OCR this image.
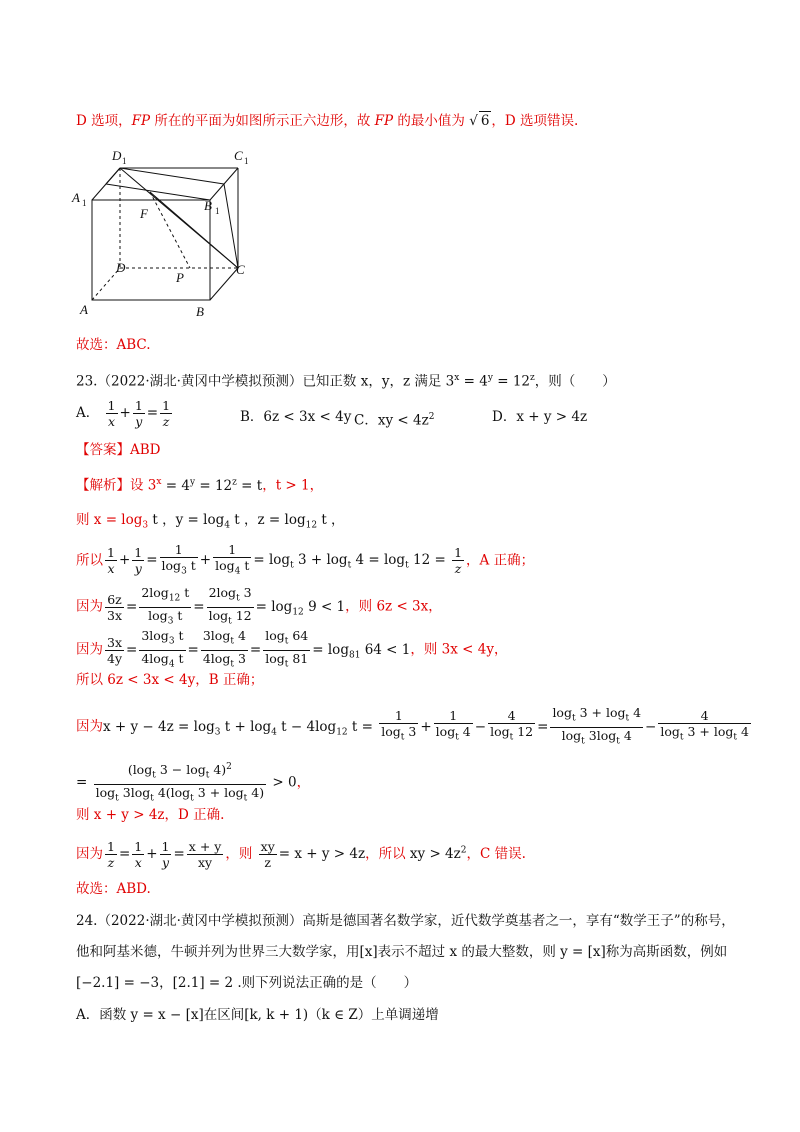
D 选项，FP 所在的平面为如图所示正六边形，故 FP 的最小值为 √ 6 ，D 选项错误.
D 1	C 1
A 1	B 1
F
D
P
C
A	B
故选：ABC.
23.（2022·湖北·黄冈中学模拟预测）已知正数 x，y，z 满足 $3^x = 4^y = 12^z$，则（　　）
A． $\frac{1}{x} + \frac{1}{y} = \frac{1}{z}$	B．6z < 3x < 4y C．xy < $4z^2$	D．x + y > 4z
【答案】ABD
【解析】设 $3^x = 4^y = 12^z = t$，t > 1，
则 $x = \log_3 t$ ，$y = \log_4 t$ ，$z = \log_{12} t$ ，
所以 $\frac{1}{x} + \frac{1}{y} = \frac{1}{\log_3 t} + \frac{1}{\log_4 t} = \log_t 3 + \log_t 4 = \log_t 12 = \frac{1}{z}$ ，A 正确；
因为 $\frac{6z}{3x} = \frac{2\log_{12} t}{\log_3 t} = \frac{2\log_t 3}{\log_t 12} = \log_{12} 9 < 1$，则 6z < 3x，
因为 $\frac{3x}{4y} = \frac{3\log_3 t}{4\log_4 t} = \frac{3\log_t 4}{4\log_t 3} = \frac{\log_t 64}{\log_t 81} = \log_{81} 64 < 1$，则 3x < 4y，
所以 6z < 3x < 4y，B 正确；
因为$x + y - 4z = \log_3 t + \log_4 t - 4\log_{12}$ $t = \frac{1}{\log_t 3} + \frac{1}{\log_t 4} - \frac{4}{\log_t 12} = \frac{\log_t 3 + \log_t 4}{\log_t 3\log_t 4} - \frac{4}{\log_t 3 + \log_t 4}$
= $\frac{(\log_t 3 - \log_t 4)^2}{\log_t 3\log_t 4(\log_t 3 + \log_t 4)} > 0$，
则 x + y > 4z，D 正确.
因为 $\frac{1}{z} = \frac{1}{x} + \frac{1}{y} = \frac{x + y}{xy}$ ，则 $\frac{xy}{z} = x + y > 4z$，所以 xy > $4z^2$，C 错误.
故选：ABD.
24.（2022·湖北·黄冈中学模拟预测）高斯是德国著名数学家，近代数学奠基者之一，享有“数学王子”的称号，
他和阿基米德，牛顿并列为世界三大数学家，用[x]表示不超过 x 的最大整数，则 y = [x]称为高斯函数，例如
[−2.1] = −3，[2.1] = 2 .则下列说法正确的是（　　）
A．函数 y = x − [x]在区间[k, k + 1)（k ∈ Z）上单调递增
